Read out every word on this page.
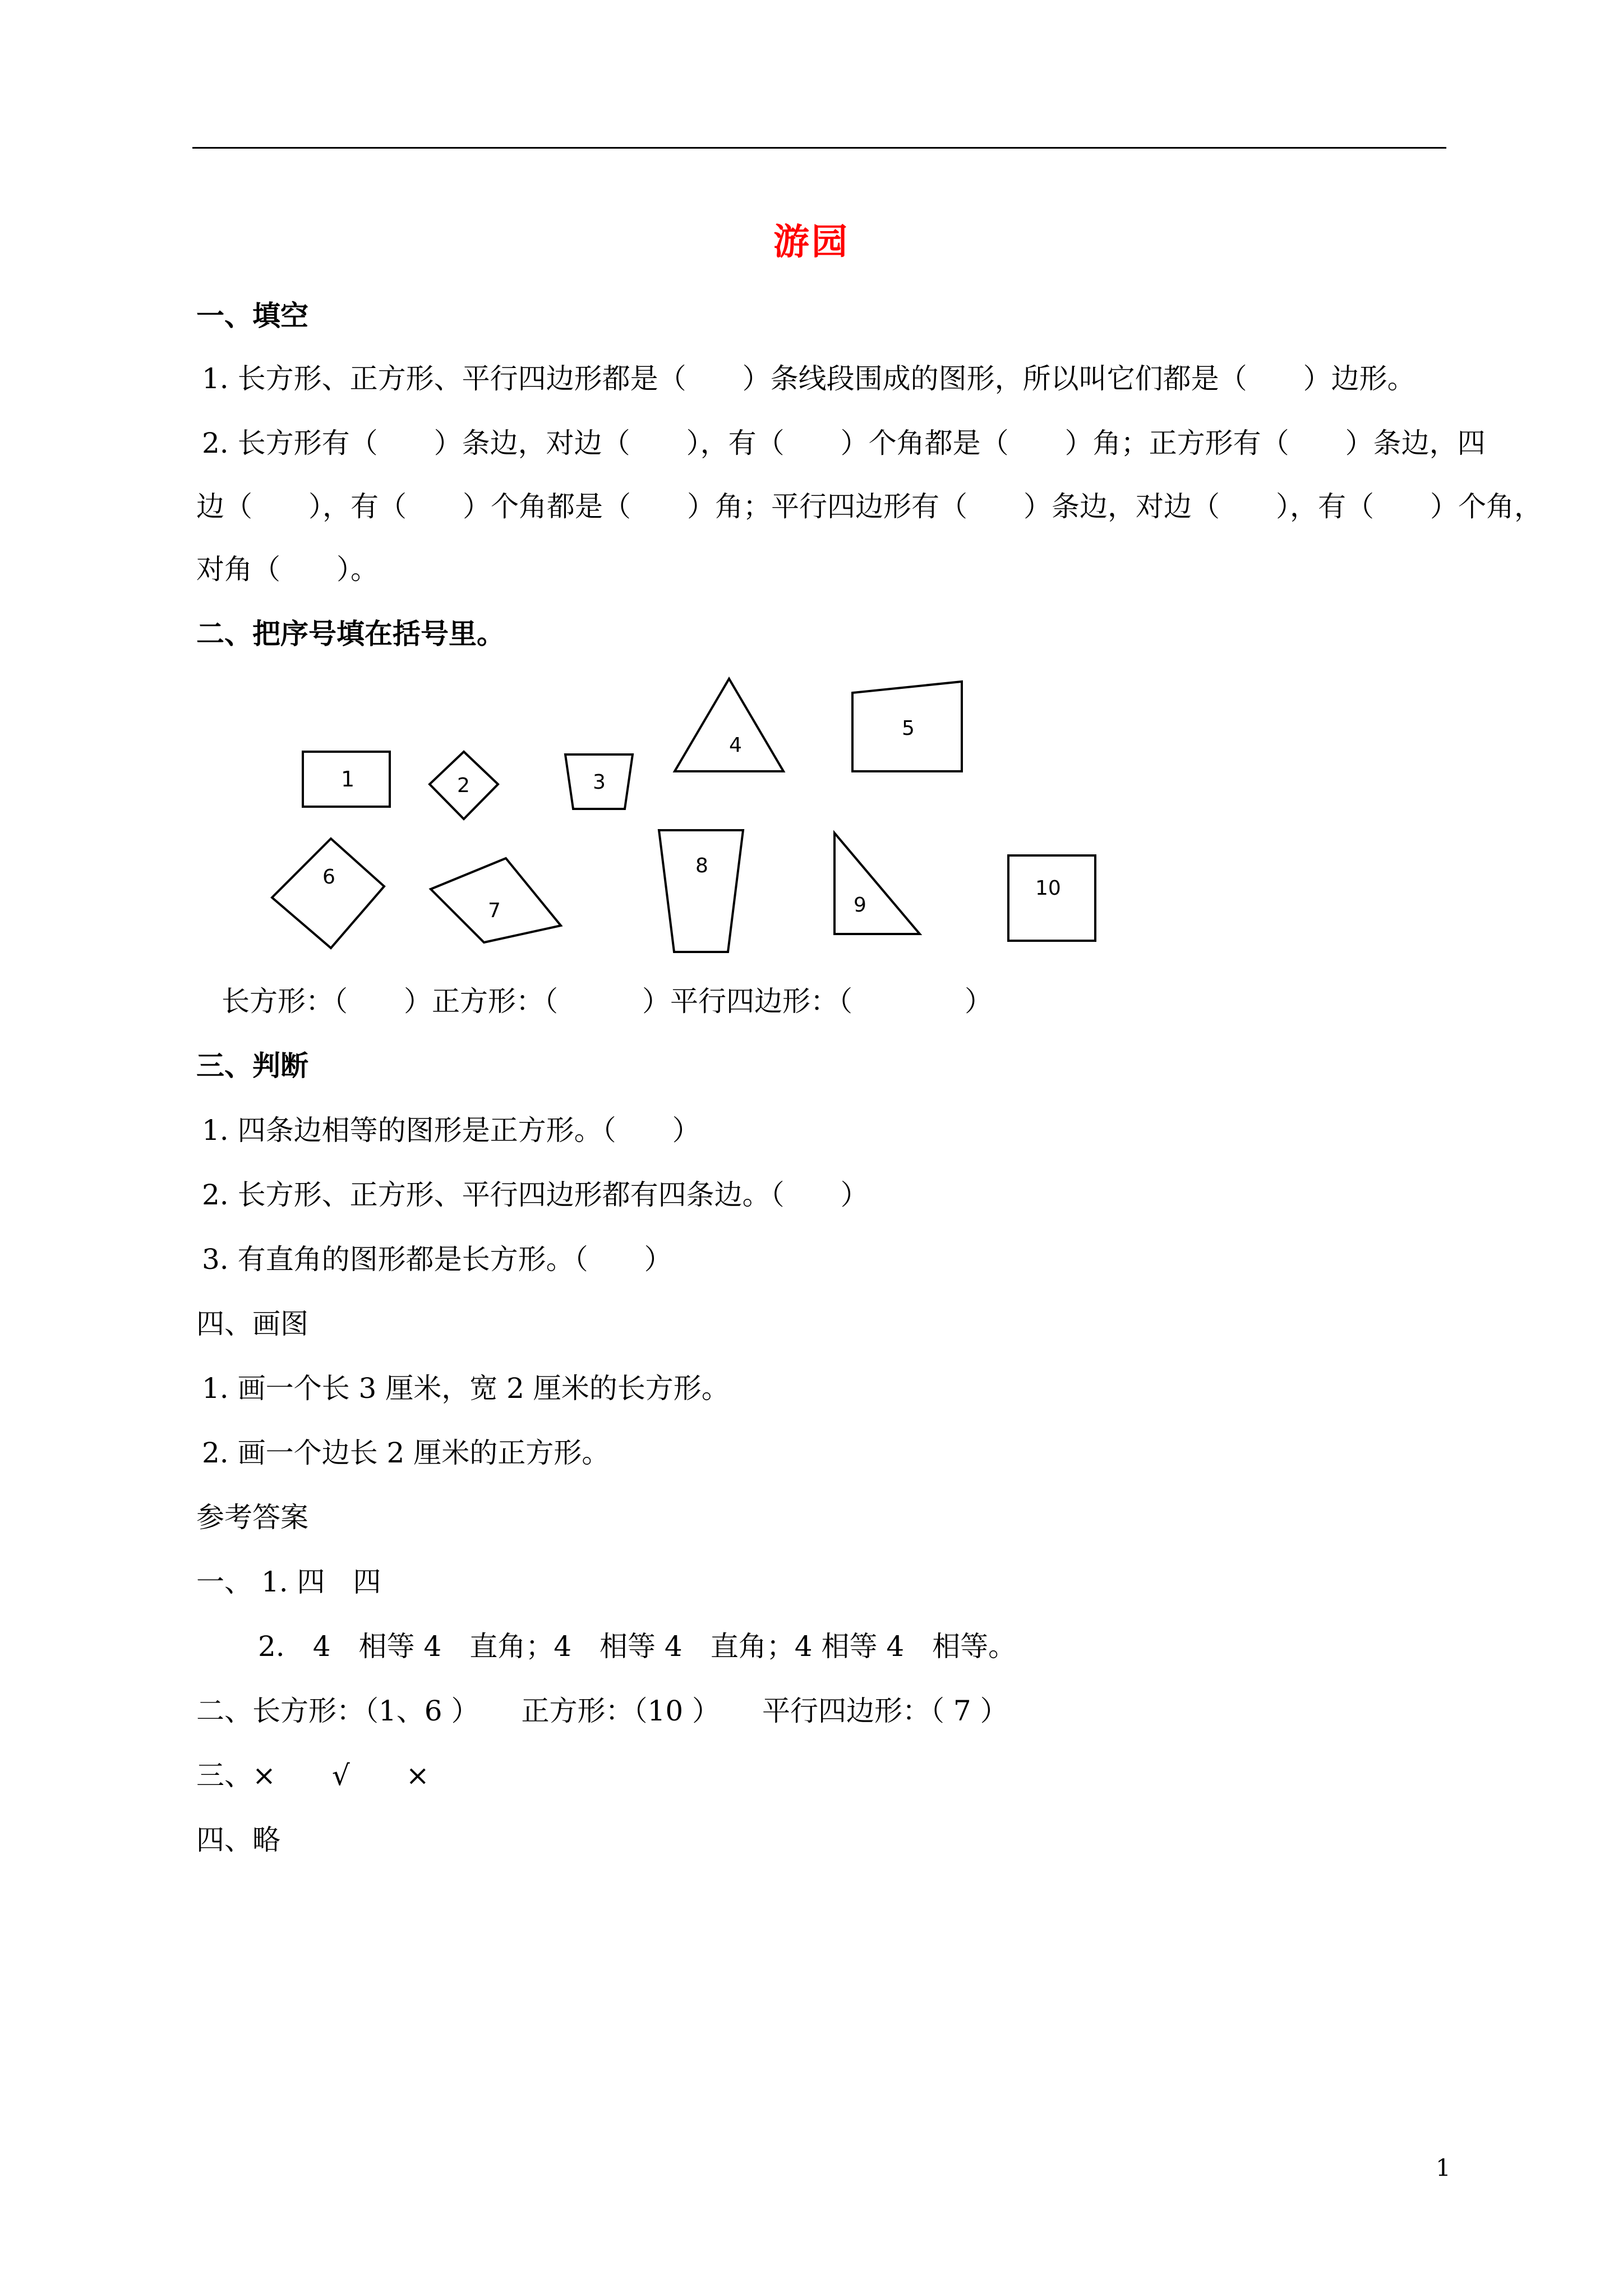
游园
一、填空
1. 长方形、正方形、平行四边形都是（　　）条线段围成的图形，所以叫它们都是（　　）边形。
2. 长方形有（　　）条边，对边（　　），有（　　）个角都是（　　）角；正方形有（　　）条边，四
边（　　），有（　　）个角都是（　　）角；平行四边形有（　　）条边，对边（　　），有（　　）个角，
对角（　　）。
二、把序号填在括号里。
1	2	3
4
5
6
7
8
9
10
长方形：（　　）正方形：（　　　）平行四边形：（　　　　）
三、判断
1. 四条边相等的图形是正方形。（　　）
2. 长方形、正方形、平行四边形都有四条边。（　　）
3. 有直角的图形都是长方形。（　　）
四、画图
1. 画一个长 3 厘米，宽 2 厘米的长方形。
2. 画一个边长 2 厘米的正方形。
参考答案
一、 1. 四　四
2.　4　相等 4　直角；4　相等 4　直角；4 相等 4　相等。
二、长方形：（1、6 ）　　正方形：（10 ）　　平行四边形：（ 7 ）
三、×　　√　　×
四、略
1
